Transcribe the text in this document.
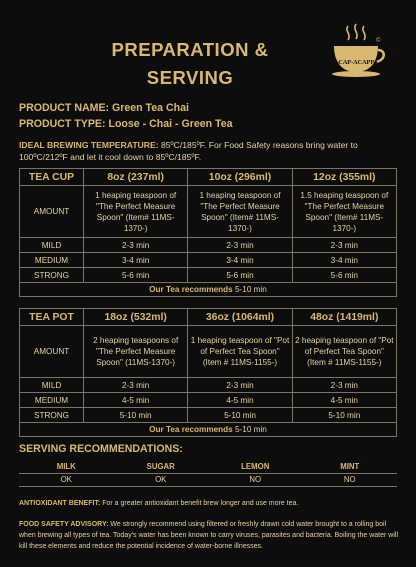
PREPARATION &
SERVING
ACAP-ACAPPA
©
PRODUCT NAME: Green Tea Chai
PRODUCT TYPE: Loose - Chai - Green Tea
IDEAL BREWING TEMPERATURE: 85ºC/185ºF. For Food Safety reasons bring water to 100ºC/212ºF and let it cool down to 85ºC/185ºF.
TEA CUP	8oz (237ml)	10oz (296ml)	12oz (355ml)
AMOUNT	1 heaping teaspoon of "The Perfect Measure Spoon" (Item# 11MS-1370-)	1 heaping teaspoon of "The Perfect Measure Spoon" (Item# 11MS-1370-)	1.5 heaping teaspoon of "The Perfect Measure Spoon" (Item# 11MS-1370-)
MILD	2-3 min	2-3 min	2-3 min
MEDIUM	3-4 min	3-4 min	3-4 min
STRONG	5-6 min	5-6 min	5-6 min
Our Tea recommends 5-10 min			
TEA POT	18oz (532ml)	36oz (1064ml)	48oz (1419ml)
AMOUNT	2 heaping teaspoons of "The Perfect Measure Spoon" (11MS-1370-)	1 heaping teaspoon of "Pot of Perfect Tea Spoon" (Item # 11MS-1155-)	2 heaping teaspoon of "Pot of Perfect Tea Spoon" (Item # 11MS-1155-)
MILD	2-3 min	2-3 min	2-3 min
MEDIUM	4-5 min	4-5 min	4-5 min
STRONG	5-10 min	5-10 min	5-10 min
Our Tea recommends 5-10 min			
SERVING RECOMMENDATIONS:
MILK	SUGAR	LEMON	MINT
OK	OK	NO	NO
ANTIOXIDANT BENEFIT: For a greater antioxidant benefit brew longer and use more tea.
FOOD SAFETY ADVISORY: We strongly recommend using filtered or freshly drawn cold water brought to a rolling boil when brewing all types of tea. Today's water has been known to carry viruses, parasites and bacteria. Boiling the water will kill these elements and reduce the potential incidence of water-borne illnesses.
